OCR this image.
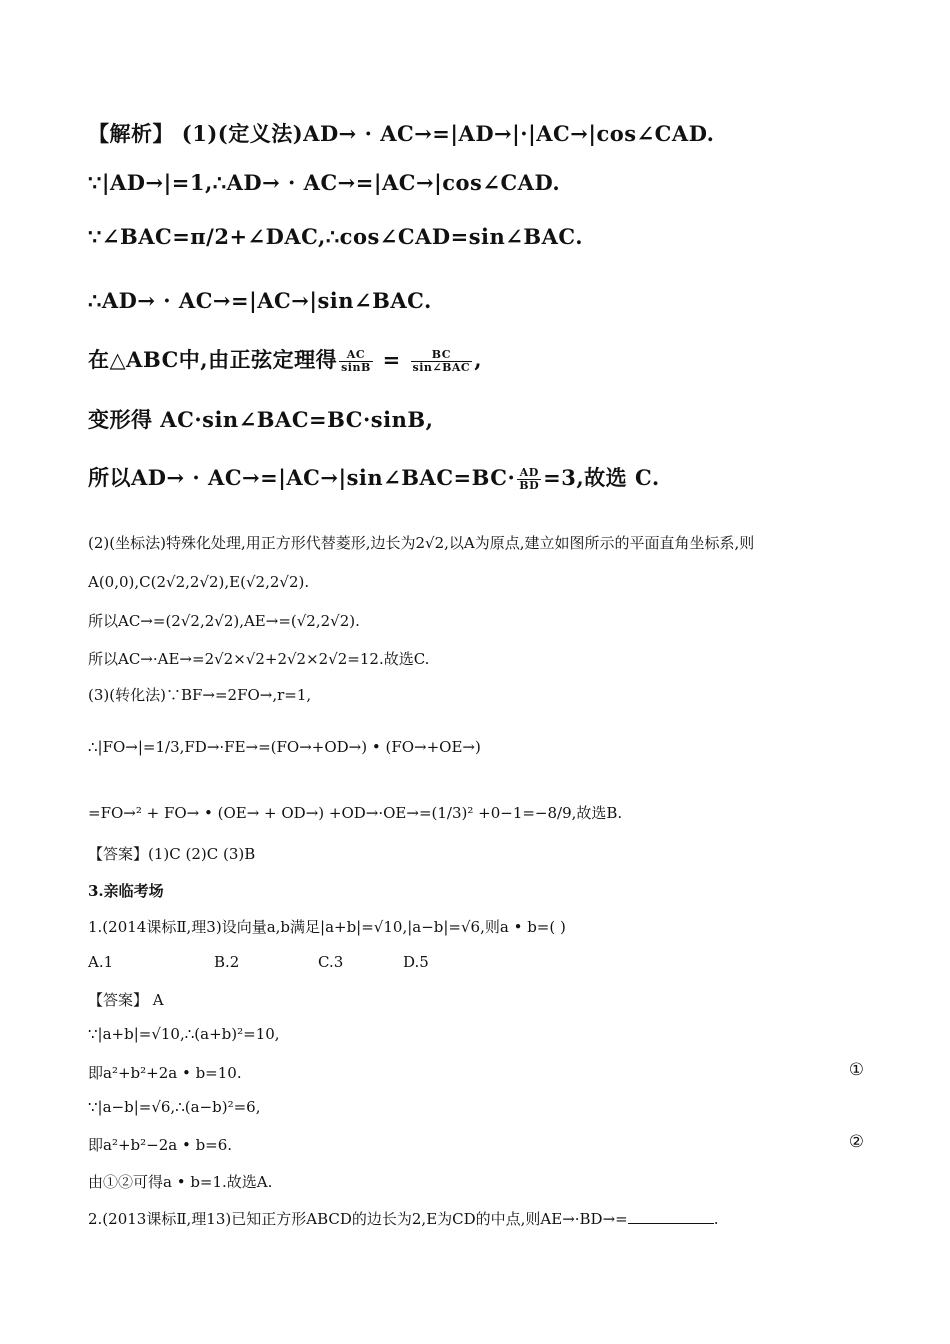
【解析】 (1)(定义法)AD→ · AC→=|AD→|·|AC→|cos∠CAD.
∵|AD→|=1,∴AD→ · AC→=|AC→|cos∠CAD.
∵∠BAC=π/2+∠DAC,∴cos∠CAD=sin∠BAC.
∴AD→ · AC→=|AC→|sin∠BAC.
在△ABC中,由正弦定理得 $\frac{AC}{\sin B} = \frac{BC}{\text{sin∠BAC}}$ ,
变形得 AC·sin∠BAC=BC·sinB,
所以AD→ · AC→=|AC→|sin∠BAC=BC· $\frac{AD}{BD} =3$,故选 C.
(2)(坐标法)特殊化处理,用正方形代替菱形,边长为2√2,以A为原点,建立如图所示的平面直角坐标系,则
A(0,0),C(2√2,2√2),E(√2,2√2).
所以AC→=(2√2,2√2),AE→=(√2,2√2).
所以AC→·AE→=2√2×√2+2√2×2√2=12.故选C.
(3)(转化法)∵BF→=2FO→,r=1,
∴|FO→|=1/3,FD→·FE→=(FO→+OD→) • (FO→+OE→)
=FO→² + FO→ • (OE→ + OD→) +OD→·OE→=(1/3)² +0−1=−8/9,故选B.
【答案】(1)C (2)C (3)B
3.亲临考场
1.(2014课标Ⅱ,理3)设向量a,b满足|a+b|=√10,|a−b|=√6,则a • b=( )
A.1	B.2	C.3	D.5
【答案】 A
∵|a+b|=√10,∴(a+b)²=10,
即a²+b²+2a • b=10.	①
∵|a−b|=√6,∴(a−b)²=6,
即a²+b²−2a • b=6.	②
由①②可得a • b=1.故选A.
2.(2013课标Ⅱ,理13)已知正方形ABCD的边长为2,E为CD的中点,则AE→·BD→=	.
